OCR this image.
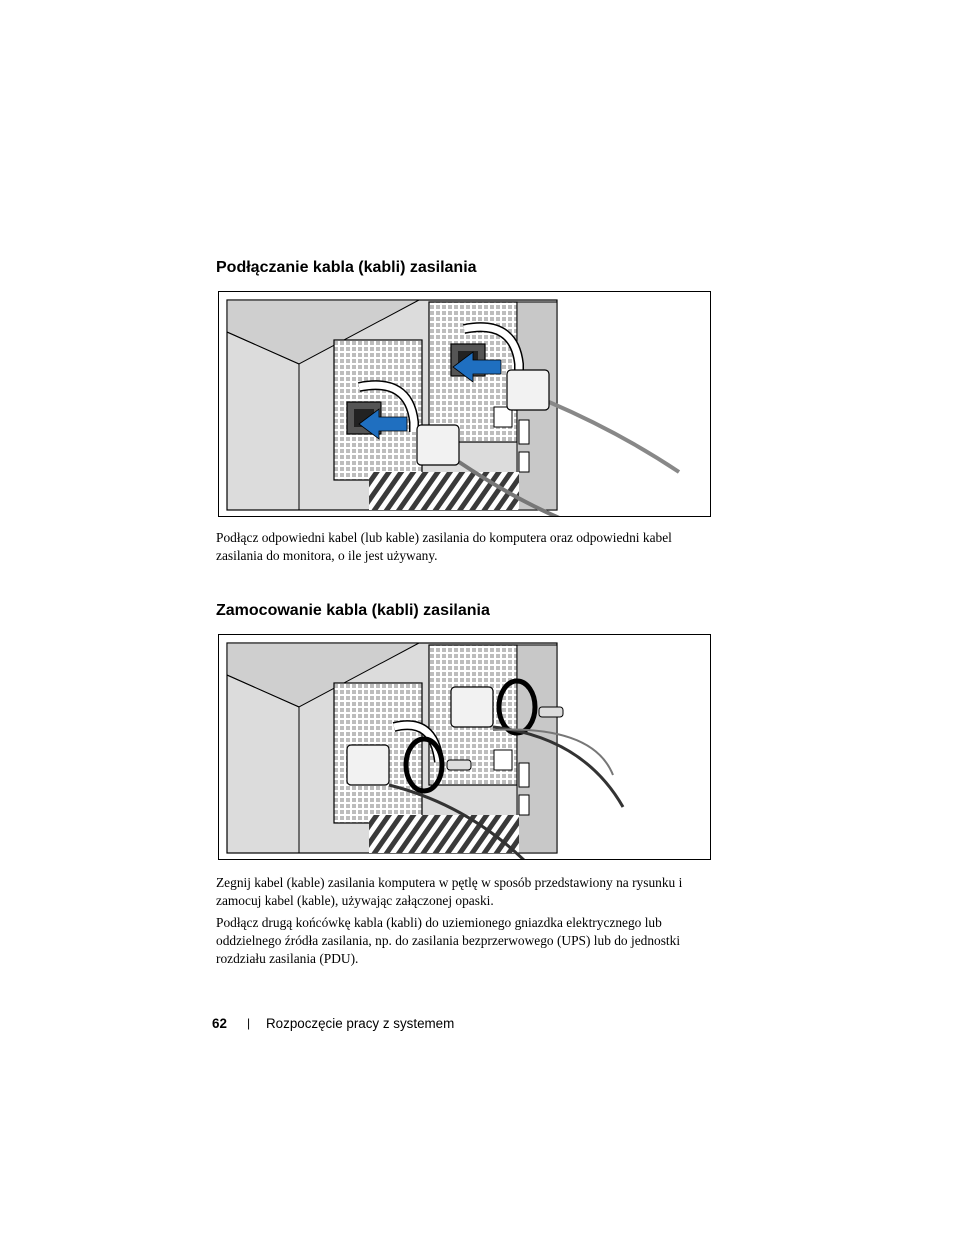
Podłączanie kabla (kabli) zasilania

Podłącz odpowiedni kabel (lub kable) zasilania do komputera oraz odpowiedni kabel zasilania do monitora, o ile jest używany.

Zamocowanie kabla (kabli) zasilania

Zegnij kabel (kable) zasilania komputera w pętlę w sposób przedstawiony na rysunku i zamocuj kabel (kable), używając załączonej opaski.

Podłącz drugą końcówkę kabla (kabli) do uziemionego gniazdka elektrycznego lub oddzielnego źródła zasilania, np. do zasilania bezprzerwowego (UPS) lub do jednostki rozdziału zasilania (PDU).

62 | Rozpoczęcie pracy z systemem
